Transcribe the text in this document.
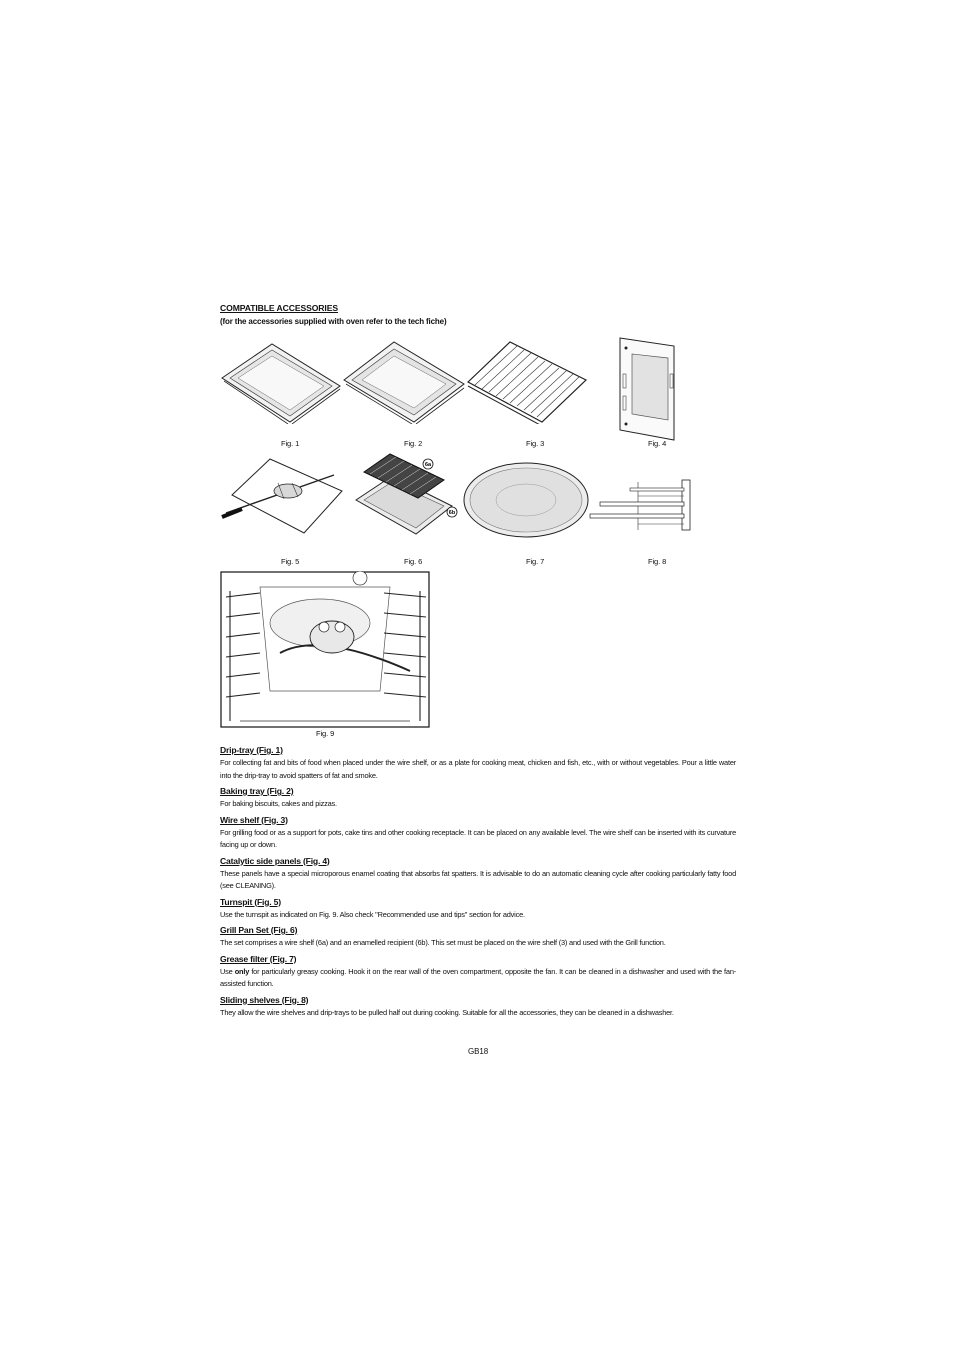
COMPATIBLE ACCESSORIES
(for the accessories supplied with oven refer to the tech fiche)
Fig. 1	Fig. 2	Fig. 3	Fig. 4
Fig. 5
6a
6b
Fig. 6	Fig. 7	Fig. 8
Fig. 9

Drip-tray (Fig. 1)

For collecting fat and bits of food when placed under the wire shelf, or as a plate for cooking meat, chicken and fish, etc., with or without vegetables. Pour a little water into the drip-tray to avoid spatters of fat and smoke.

Baking tray (Fig. 2)

For baking biscuits, cakes and pizzas.

Wire shelf (Fig. 3)

For grilling food or as a support for pots, cake tins and other cooking receptacle. It can be placed on any available level. The wire shelf can be inserted with its curvature facing up or down.

Catalytic side panels (Fig. 4)

These panels have a special microporous enamel coating that absorbs fat spatters. It is advisable to do an automatic cleaning cycle after cooking particularly fatty food (see CLEANING).

Turnspit (Fig. 5)

Use the turnspit as indicated on Fig. 9. Also check "Recommended use and tips" section for advice.

Grill Pan Set (Fig. 6)

The set comprises a wire shelf (6a) and an enamelled recipient (6b). This set must be placed on the wire shelf (3) and used with the Grill function.

Grease filter (Fig. 7)

Use only for particularly greasy cooking. Hook it on the rear wall of the oven compartment, opposite the fan. It can be cleaned in a dishwasher and used with the fan-assisted function.

Sliding shelves (Fig. 8)

They allow the wire shelves and drip-trays to be pulled half out during cooking. Suitable for all the accessories, they can be cleaned in a dishwasher.

GB18
